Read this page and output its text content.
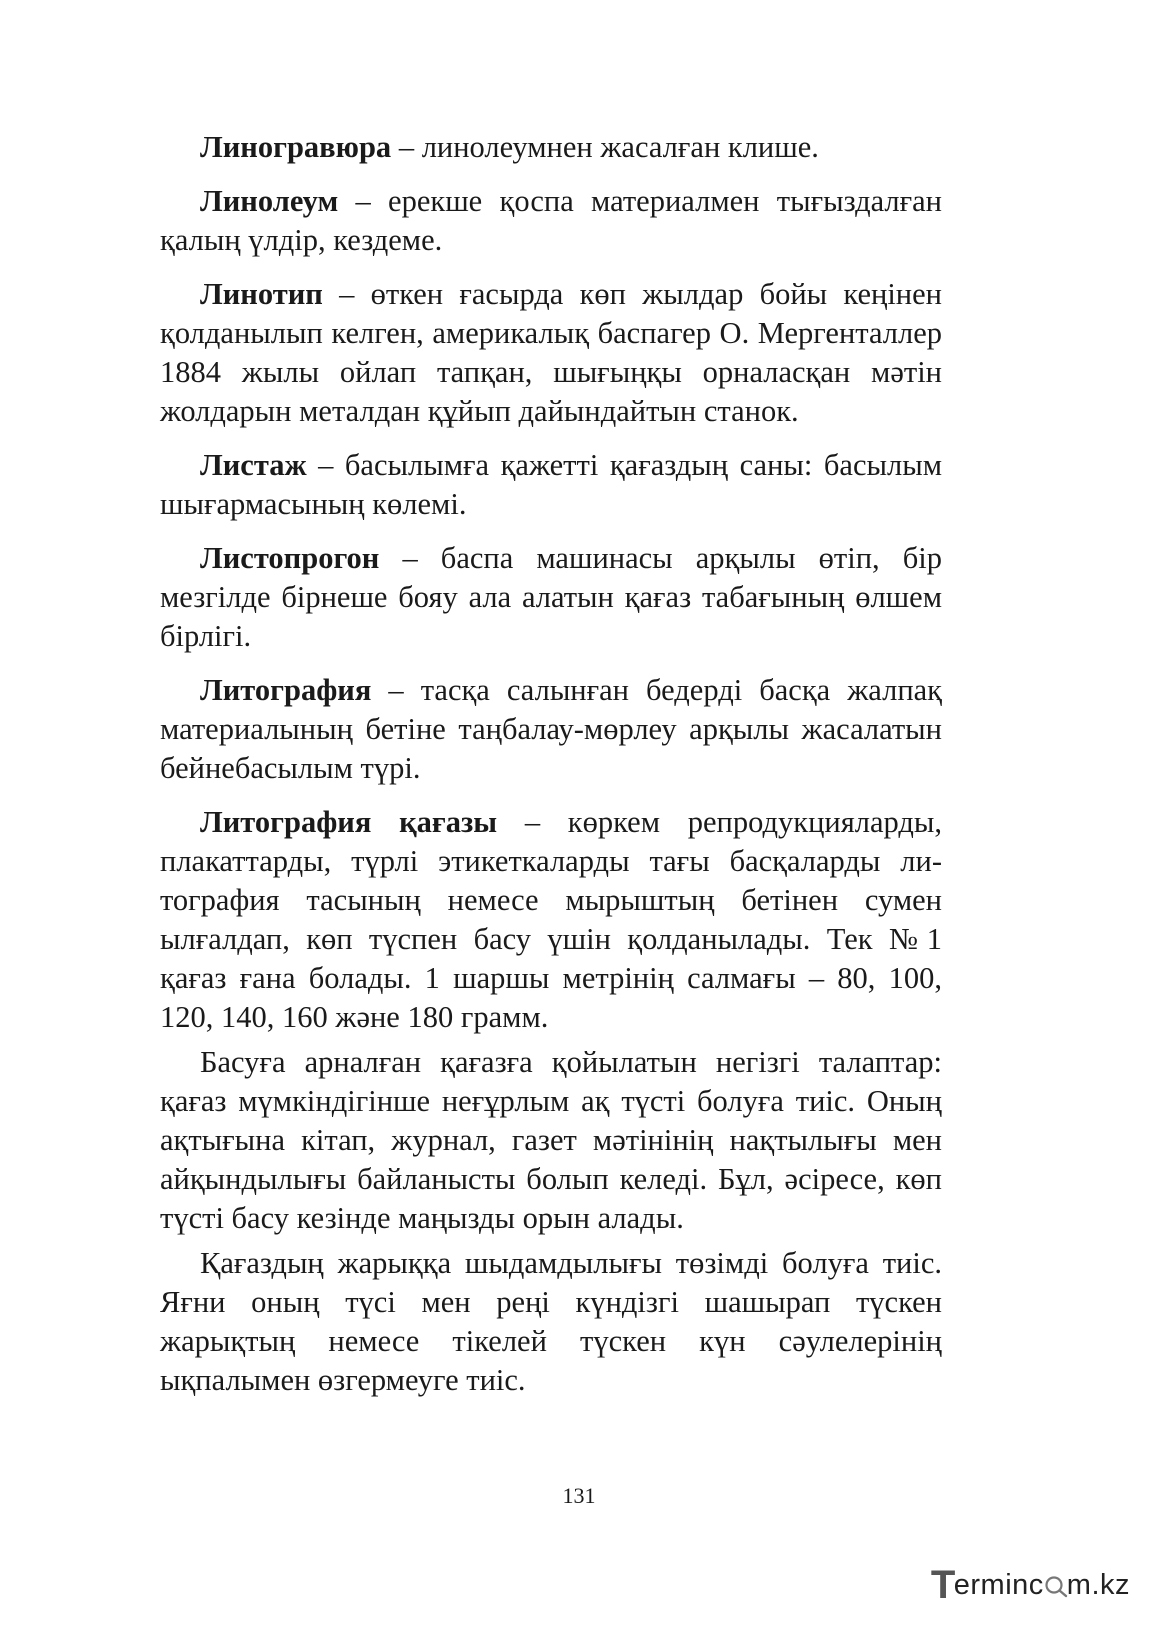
Линогравюра – линолеумнен жасалған клише.

Линолеум – ерекше қоспа материалмен тығыздалған қалың үлдір, кездеме.

Линотип – өткен ғасырда көп жылдар бойы кеңінен қолданылып келген, америкалық баспагер О. Мергенталлер 1884 жылы ойлап тапқан, шығыңқы орналасқан мәтін жолдарын металдан құйып дайындайтын станок.

Листаж – басылымға қажетті қағаздың саны: басылым шығармасының көлемі.

Листопрогон – баспа машинасы арқылы өтіп, бір мезгілде бірнеше бояу ала алатын қағаз табағының өлшем бірлігі.

Литография – тасқа салынған бедерді басқа жалпақ материалының бетіне таңбалау-мөрлеу арқылы жасалатын бейнебасылым түрі.

Литография қағазы – көркем репродукцияларды, плакаттарды, түрлі этикеткаларды тағы басқаларды литография тасының немесе мырыштың бетінен сумен ылғалдап, көп түспен басу үшін қолданылады. Тек №1 қағаз ғана болады. 1 шаршы метрінің салмағы – 80, 100, 120, 140, 160 және 180 грамм.

Басуға арналған қағазға қойылатын негізгі талаптар: қағаз мүмкіндігінше неғұрлым ақ түсті болуға тиіс. Оның ақтығына кітап, журнал, газет мәтінінің нақтылығы мен айқындылығы байланысты болып келеді. Бұл, әсіресе, көп түсті басу кезінде маңызды орын алады.

Қағаздың жарыққа шыдамдылығы төзімді болуға тиіс. Яғни оның түсі мен реңі күндізгі шашырап түскен жарықтың немесе тікелей түскен күн сәулелерінің ықпалымен өзгермеуге тиіс.

131
T
erminc m.kz
